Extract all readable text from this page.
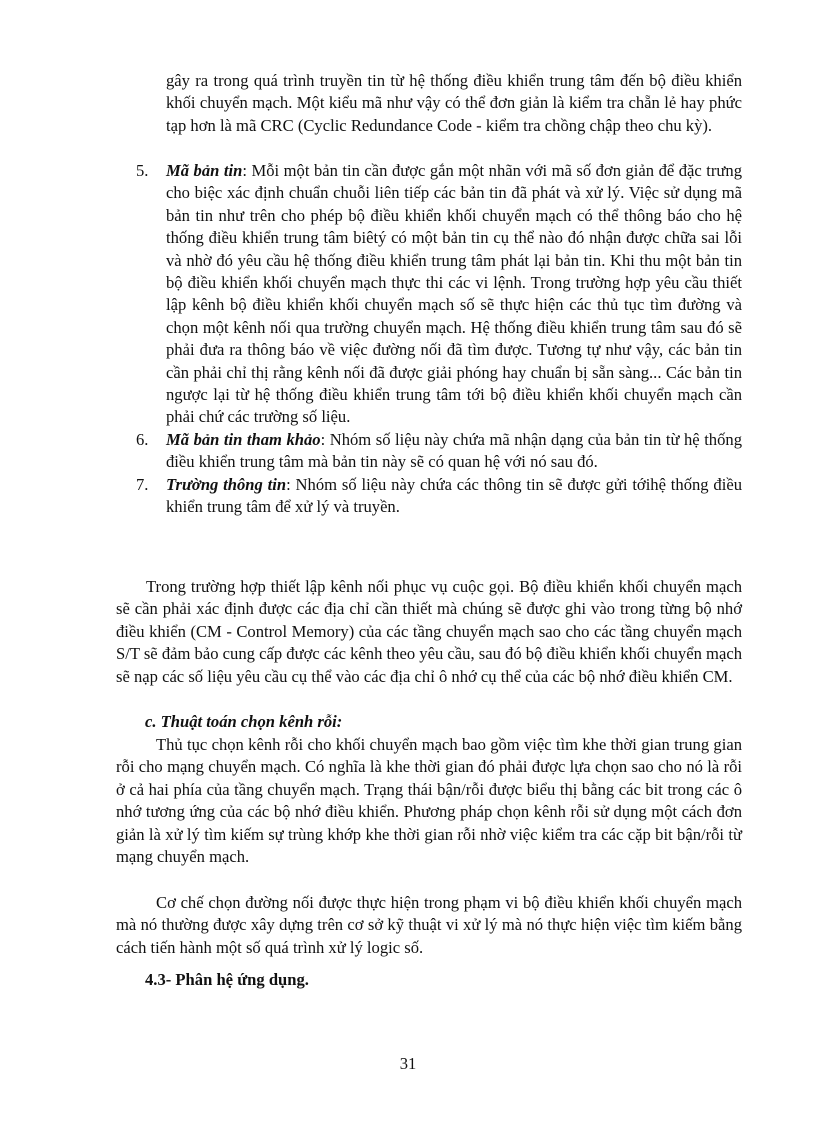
gây ra trong quá trình truyền tin từ hệ thống điều khiển trung tâm đến bộ điều khiển khối chuyển mạch. Một kiểu mã như vậy có thể đơn giản là kiểm tra chẵn lẻ hay phức tạp hơn là mã CRC (Cyclic Redundance Code - kiểm tra chồng chập theo chu kỳ).

5. Mã bản tin: Mỗi một bản tin cần được gắn một nhãn với mã số đơn giản để đặc trưng cho biệc xác định chuẩn chuỗi liên tiếp các bản tin đã phát và xử lý. Việc sử dụng mã bản tin như trên cho phép bộ điều khiển khối chuyển mạch có thể thông báo cho hệ thống điều khiển trung tâm biêtý có một bản tin cụ thể nào đó nhận được chữa sai lỗi và nhờ đó yêu cầu hệ thống điều khiển trung tâm phát lại bản tin. Khi thu một bản tin bộ điều khiển khối chuyển mạch thực thi các vi lệnh. Trong trường hợp yêu cầu thiết lập kênh bộ điều khiển khối chuyển mạch số sẽ thực hiện các thủ tục tìm đường và chọn một kênh nối qua trường chuyển mạch. Hệ thống điều khiển trung tâm sau đó sẽ phải đưa ra thông báo về việc đường nối đã tìm được. Tương tự như vậy, các bản tin cần phải chỉ thị rằng kênh nối đã được giải phóng hay chuẩn bị sẵn sàng... Các bản tin ngược lại từ hệ thống điều khiển trung tâm tới bộ điều khiển khối chuyển mạch cần phải chứ các trường số liệu.
6. Mã bản tin tham khảo: Nhóm số liệu này chứa mã nhận dạng của bản tin từ hệ thống điều khiển trung tâm mà bản tin này sẽ có quan hệ với nó sau đó.
7. Trường thông tin: Nhóm số liệu này chứa các thông tin sẽ được gửi tớihệ thống điều khiển trung tâm để xử lý và truyền.

Trong trường hợp thiết lập kênh nối phục vụ cuộc gọi. Bộ điều khiển khối chuyển mạch sẽ cần phải xác định được các địa chỉ cần thiết mà chúng sẽ được ghi vào trong từng bộ nhớ điều khiển (CM - Control Memory) của các tầng chuyển mạch sao cho các tầng chuyển mạch S/T sẽ đảm bảo cung cấp được các kênh theo yêu cầu, sau đó bộ điều khiển khối chuyển mạch sẽ nạp các số liệu yêu cầu cụ thể vào các địa chỉ ô nhớ cụ thể của các bộ nhớ điều khiển CM.

c. Thuật toán chọn kênh rỗi:

Thủ tục chọn kênh rỗi cho khối chuyển mạch bao gồm việc tìm khe thời gian trung gian rỗi cho mạng chuyển mạch. Có nghĩa là khe thời gian đó phải được lựa chọn sao cho nó là rỗi ở cả hai phía của tầng chuyển mạch. Trạng thái bận/rỗi được biểu thị bằng các bit trong các ô nhớ tương ứng của các bộ nhớ điều khiển. Phương pháp chọn kênh rỗi sử dụng một cách đơn giản là xử lý tìm kiếm sự trùng khớp khe thời gian rỗi nhờ việc kiểm tra các cặp bit bận/rỗi từ mạng chuyển mạch.

Cơ chế chọn đường nối được thực hiện trong phạm vi bộ điều khiển khối chuyển mạch mà nó thường được xây dựng trên cơ sở kỹ thuật vi xử lý mà nó thực hiện việc tìm kiếm bằng cách tiến hành một số quá trình xử lý logic số.

4.3- Phân hệ ứng dụng.

31
